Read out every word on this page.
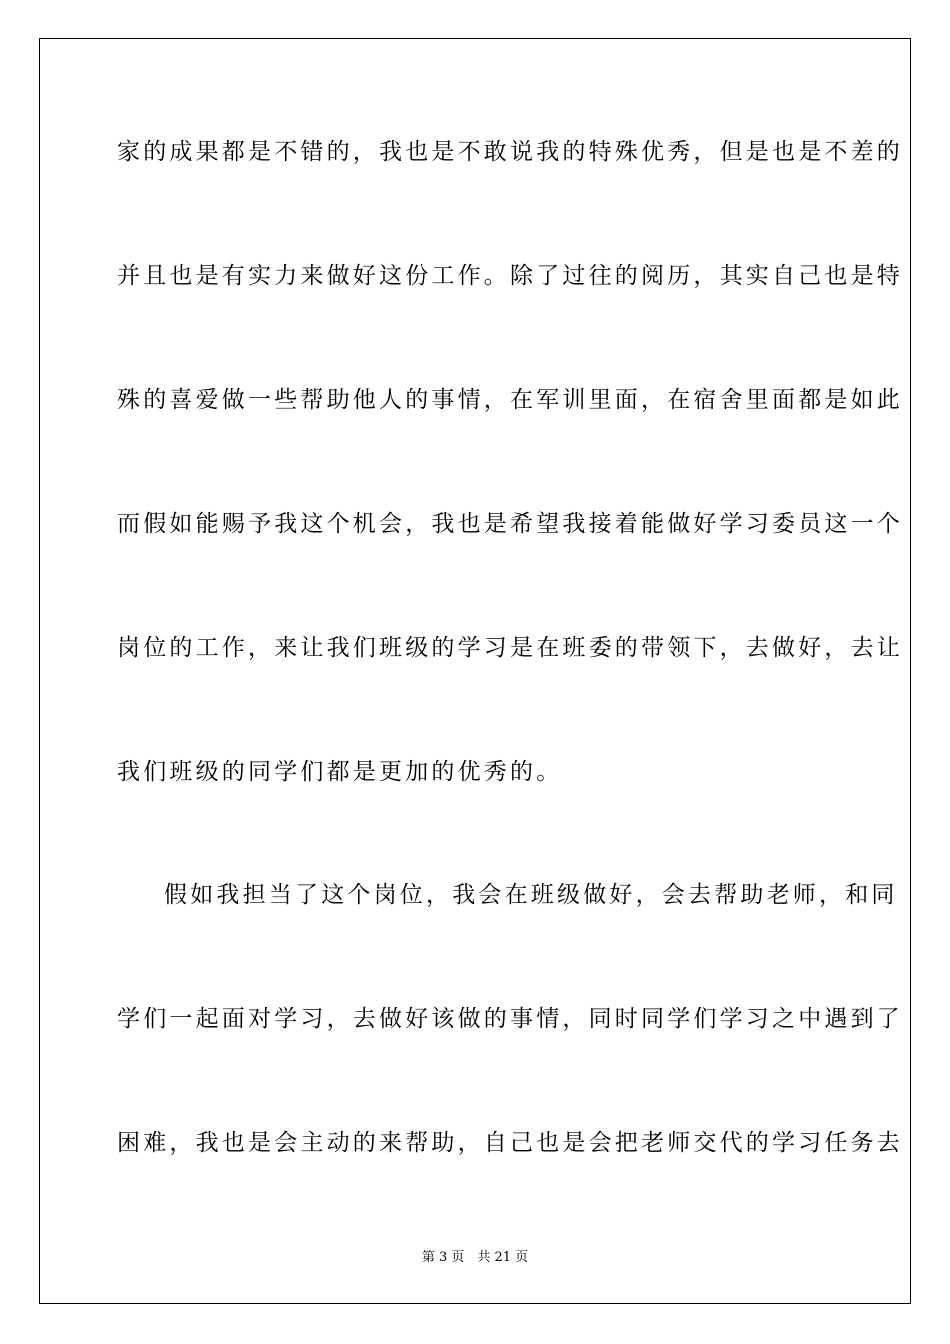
家的成果都是不错的，我也是不敢说我的特殊优秀，但是也是不差的
并且也是有实力来做好这份工作。除了过往的阅历，其实自己也是特
殊的喜爱做一些帮助他人的事情，在军训里面，在宿舍里面都是如此
而假如能赐予我这个机会，我也是希望我接着能做好学习委员这一个
岗位的工作，来让我们班级的学习是在班委的带领下，去做好，去让
我们班级的同学们都是更加的优秀的。
假如我担当了这个岗位，我会在班级做好，会去帮助老师，和同
学们一起面对学习，去做好该做的事情，同时同学们学习之中遇到了
困难，我也是会主动的来帮助，自己也是会把老师交代的学习任务去
第 3 页　共 21 页
